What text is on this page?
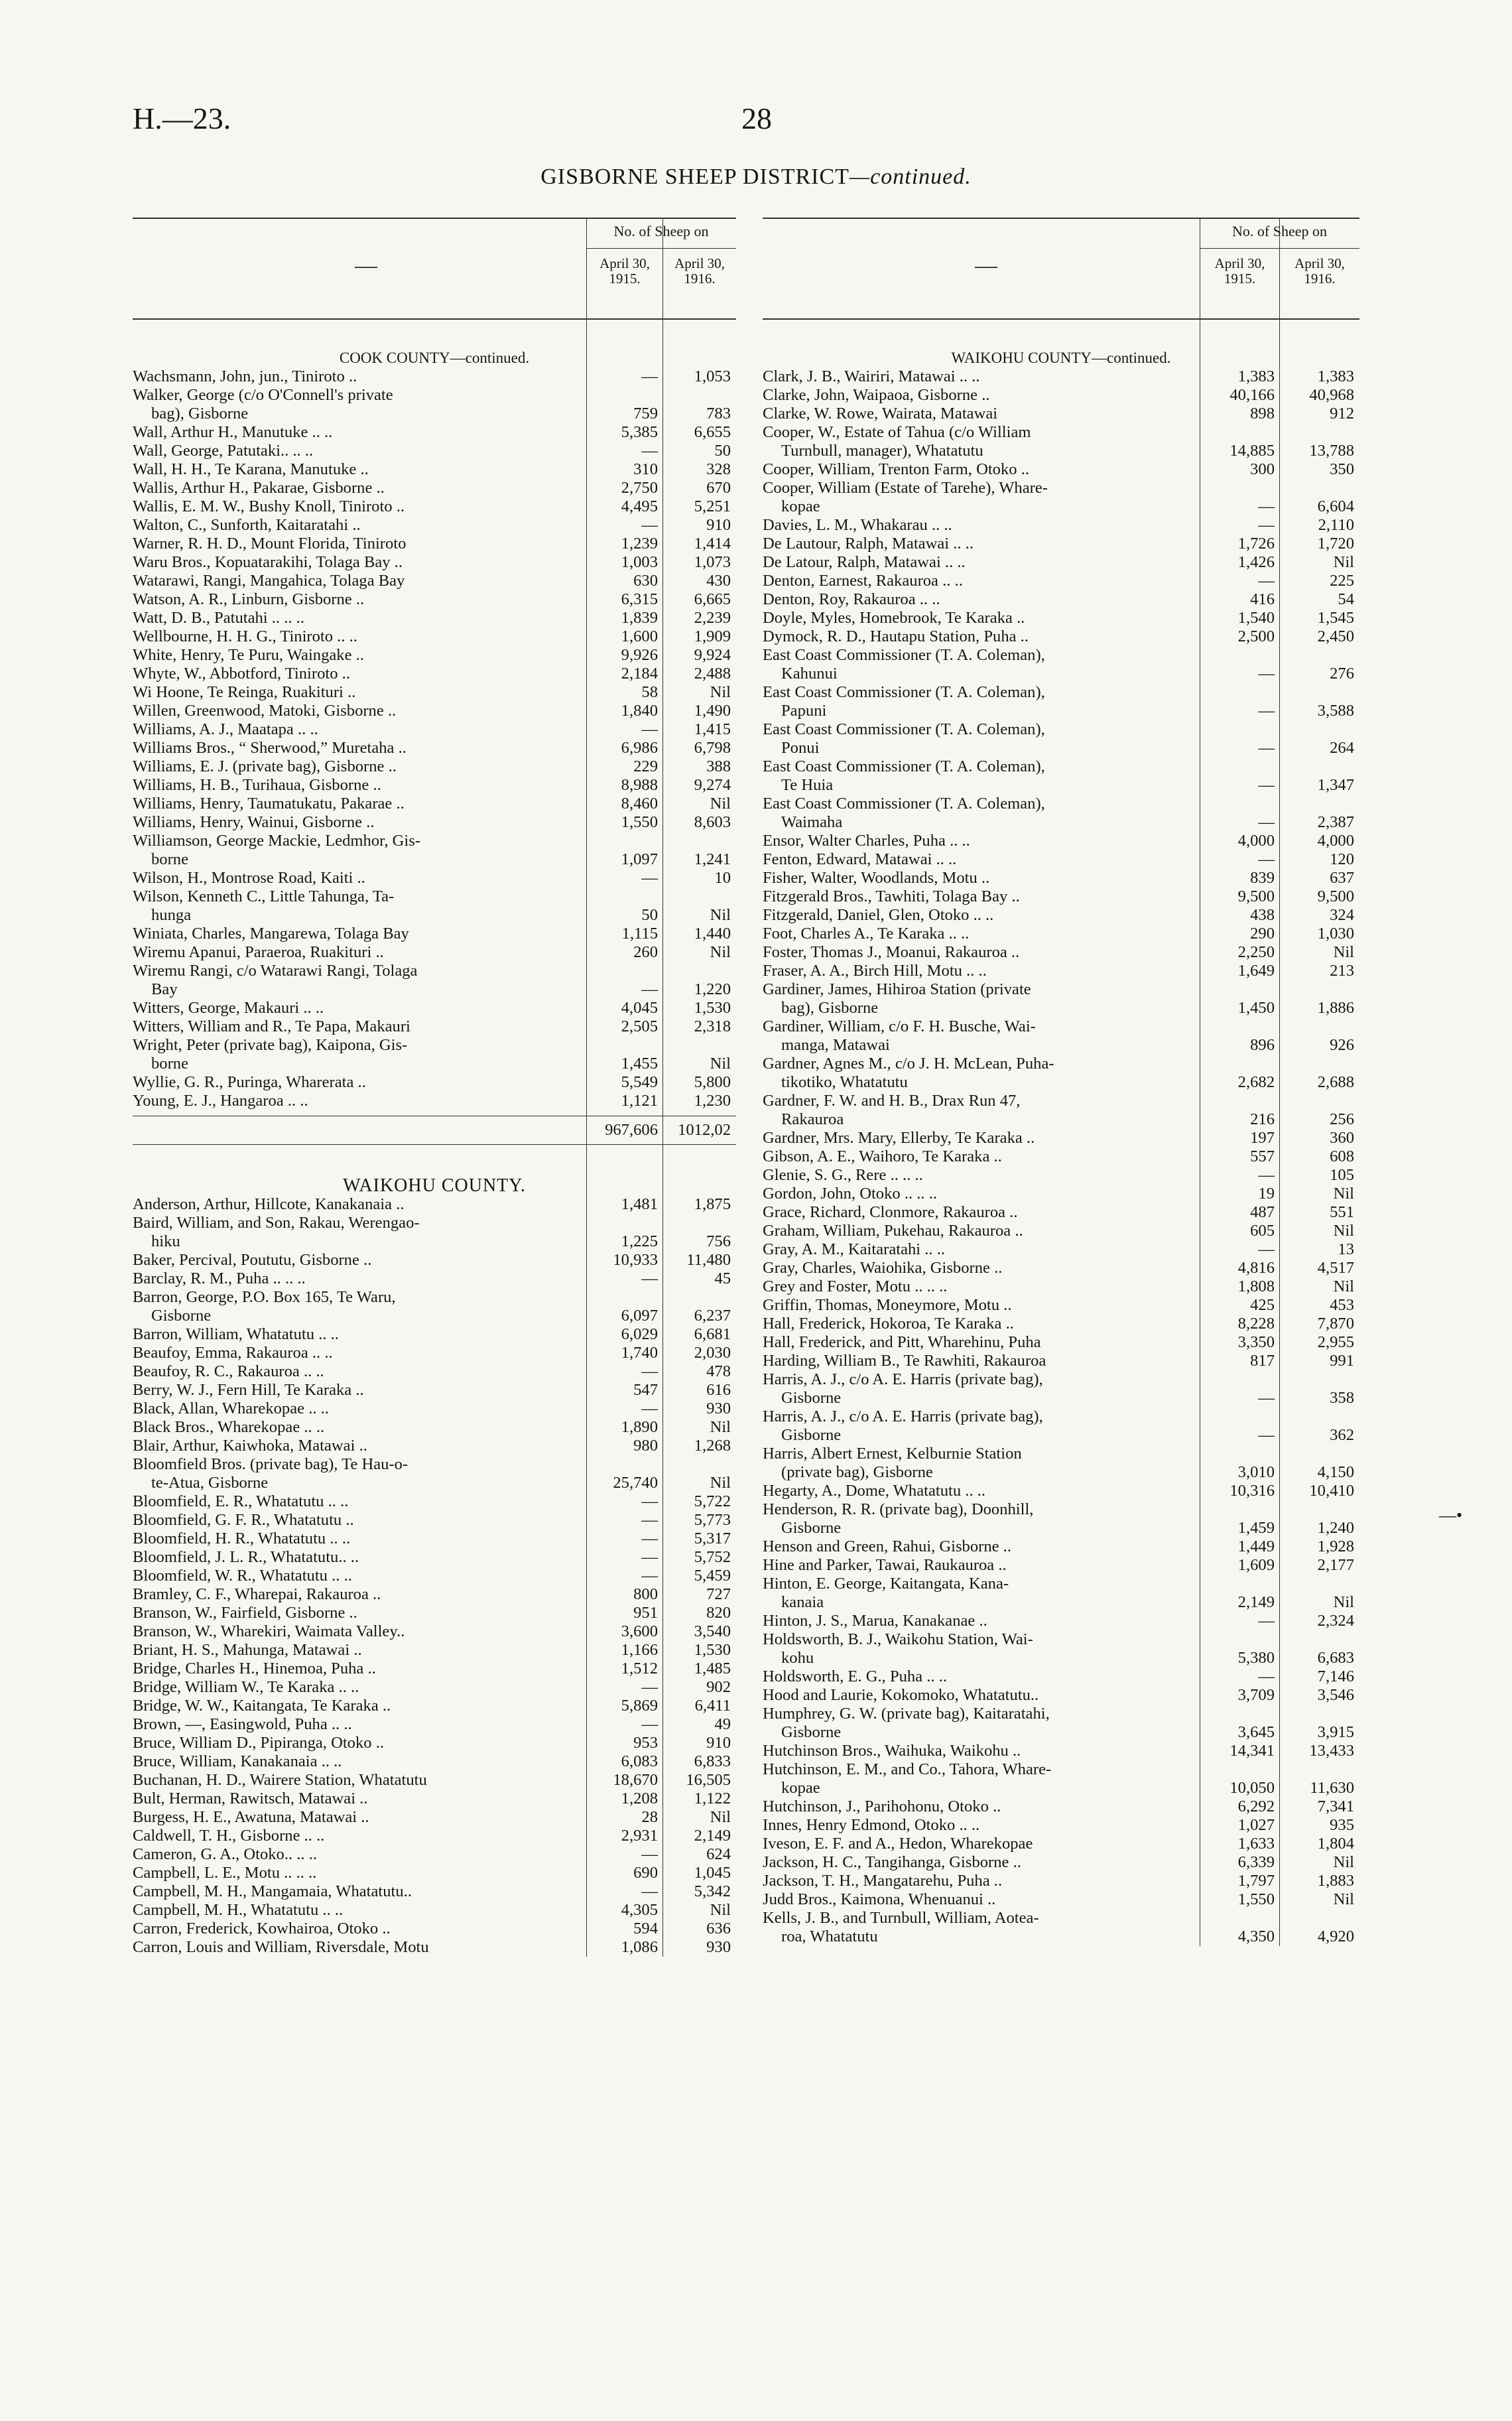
H.—23.	28
GISBORNE SHEEP DISTRICT—continued.
—
No. of Sheep on
April 30, 1915.
April 30, 1916.
COOK COUNTY—continued.
Wachsmann, John, jun., Tiniroto ..	—	1,053
Walker, George (c/o O'Connell's private
bag), Gisborne	759	783
Wall, Arthur H., Manutuke .. ..	5,385	6,655
Wall, George, Patutaki.. .. ..	—	50
Wall, H. H., Te Karana, Manutuke ..	310	328
Wallis, Arthur H., Pakarae, Gisborne ..	2,750	670
Wallis, E. M. W., Bushy Knoll, Tiniroto ..	4,495	5,251
Walton, C., Sunforth, Kaitaratahi ..	—	910
Warner, R. H. D., Mount Florida, Tiniroto	1,239	1,414
Waru Bros., Kopuatarakihi, Tolaga Bay ..	1,003	1,073
Watarawi, Rangi, Mangahica, Tolaga Bay	630	430
Watson, A. R., Linburn, Gisborne ..	6,315	6,665
Watt, D. B., Patutahi .. .. ..	1,839	2,239
Wellbourne, H. H. G., Tiniroto .. ..	1,600	1,909
White, Henry, Te Puru, Waingake ..	9,926	9,924
Whyte, W., Abbotford, Tiniroto ..	2,184	2,488
Wi Hoone, Te Reinga, Ruakituri ..	58	Nil
Willen, Greenwood, Matoki, Gisborne ..	1,840	1,490
Williams, A. J., Maatapa .. ..	—	1,415
Williams Bros., “ Sherwood,” Muretaha ..	6,986	6,798
Williams, E. J. (private bag), Gisborne ..	229	388
Williams, H. B., Turihaua, Gisborne ..	8,988	9,274
Williams, Henry, Taumatukatu, Pakarae ..	8,460	Nil
Williams, Henry, Wainui, Gisborne ..	1,550	8,603
Williamson, George Mackie, Ledmhor, Gis-
borne	1,097	1,241
Wilson, H., Montrose Road, Kaiti ..	—	10
Wilson, Kenneth C., Little Tahunga, Ta-
hunga	50	Nil
Winiata, Charles, Mangarewa, Tolaga Bay	1,115	1,440
Wiremu Apanui, Paraeroa, Ruakituri ..	260	Nil
Wiremu Rangi, c/o Watarawi Rangi, Tolaga
Bay	—	1,220
Witters, George, Makauri .. ..	4,045	1,530
Witters, William and R., Te Papa, Makauri	2,505	2,318
Wright, Peter (private bag), Kaipona, Gis-
borne	1,455	Nil
Wyllie, G. R., Puringa, Wharerata ..	5,549	5,800
Young, E. J., Hangaroa .. ..	1,121	1,230

967,606	1012,02
WAIKOHU COUNTY.
Anderson, Arthur, Hillcote, Kanakanaia ..	1,481	1,875
Baird, William, and Son, Rakau, Werengao-
hiku	1,225	756
Baker, Percival, Poututu, Gisborne ..	10,933	11,480
Barclay, R. M., Puha .. .. ..	—	45
Barron, George, P.O. Box 165, Te Waru,
Gisborne	6,097	6,237
Barron, William, Whatatutu .. ..	6,029	6,681
Beaufoy, Emma, Rakauroa .. ..	1,740	2,030
Beaufoy, R. C., Rakauroa .. ..	—	478
Berry, W. J., Fern Hill, Te Karaka ..	547	616
Black, Allan, Wharekopae .. ..	—	930
Black Bros., Wharekopae .. ..	1,890	Nil
Blair, Arthur, Kaiwhoka, Matawai ..	980	1,268
Bloomfield Bros. (private bag), Te Hau-o-
te-Atua, Gisborne	25,740	Nil
Bloomfield, E. R., Whatatutu .. ..	—	5,722
Bloomfield, G. F. R., Whatatutu ..	—	5,773
Bloomfield, H. R., Whatatutu .. ..	—	5,317
Bloomfield, J. L. R., Whatatutu.. ..	—	5,752
Bloomfield, W. R., Whatatutu .. ..	—	5,459
Bramley, C. F., Wharepai, Rakauroa ..	800	727
Branson, W., Fairfield, Gisborne ..	951	820
Branson, W., Wharekiri, Waimata Valley..	3,600	3,540
Briant, H. S., Mahunga, Matawai ..	1,166	1,530
Bridge, Charles H., Hinemoa, Puha ..	1,512	1,485
Bridge, William W., Te Karaka .. ..	—	902
Bridge, W. W., Kaitangata, Te Karaka ..	5,869	6,411
Brown, —, Easingwold, Puha .. ..	—	49
Bruce, William D., Pipiranga, Otoko ..	953	910
Bruce, William, Kanakanaia .. ..	6,083	6,833
Buchanan, H. D., Wairere Station, Whatatutu	18,670	16,505
Bult, Herman, Rawitsch, Matawai ..	1,208	1,122
Burgess, H. E., Awatuna, Matawai ..	28	Nil
Caldwell, T. H., Gisborne .. ..	2,931	2,149
Cameron, G. A., Otoko.. .. ..	—	624
Campbell, L. E., Motu .. .. ..	690	1,045
Campbell, M. H., Mangamaia, Whatatutu..	—	5,342
Campbell, M. H., Whatatutu .. ..	4,305	Nil
Carron, Frederick, Kowhairoa, Otoko ..	594	636
Carron, Louis and William, Riversdale, Motu	1,086	930
—
No. of Sheep on
April 30, 1915.
April 30, 1916.
WAIKOHU COUNTY—continued.
Clark, J. B., Wairiri, Matawai .. ..	1,383	1,383
Clarke, John, Waipaoa, Gisborne ..	40,166	40,968
Clarke, W. Rowe, Wairata, Matawai	898	912
Cooper, W., Estate of Tahua (c/o William
Turnbull, manager), Whatatutu	14,885	13,788
Cooper, William, Trenton Farm, Otoko ..	300	350
Cooper, William (Estate of Tarehe), Whare-
kopae	—	6,604
Davies, L. M., Whakarau .. ..	—	2,110
De Lautour, Ralph, Matawai .. ..	1,726	1,720
De Latour, Ralph, Matawai .. ..	1,426	Nil
Denton, Earnest, Rakauroa .. ..	—	225
Denton, Roy, Rakauroa .. ..	416	54
Doyle, Myles, Homebrook, Te Karaka ..	1,540	1,545
Dymock, R. D., Hautapu Station, Puha ..	2,500	2,450
East Coast Commissioner (T. A. Coleman),
Kahunui	—	276
East Coast Commissioner (T. A. Coleman),
Papuni	—	3,588
East Coast Commissioner (T. A. Coleman),
Ponui	—	264
East Coast Commissioner (T. A. Coleman),
Te Huia	—	1,347
East Coast Commissioner (T. A. Coleman),
Waimaha	—	2,387
Ensor, Walter Charles, Puha .. ..	4,000	4,000
Fenton, Edward, Matawai .. ..	—	120
Fisher, Walter, Woodlands, Motu ..	839	637
Fitzgerald Bros., Tawhiti, Tolaga Bay ..	9,500	9,500
Fitzgerald, Daniel, Glen, Otoko .. ..	438	324
Foot, Charles A., Te Karaka .. ..	290	1,030
Foster, Thomas J., Moanui, Rakauroa ..	2,250	Nil
Fraser, A. A., Birch Hill, Motu .. ..	1,649	213
Gardiner, James, Hihiroa Station (private
bag), Gisborne	1,450	1,886
Gardiner, William, c/o F. H. Busche, Wai-
manga, Matawai	896	926
Gardner, Agnes M., c/o J. H. McLean, Puha-
tikotiko, Whatatutu	2,682	2,688
Gardner, F. W. and H. B., Drax Run 47,
Rakauroa	216	256
Gardner, Mrs. Mary, Ellerby, Te Karaka ..	197	360
Gibson, A. E., Waihoro, Te Karaka ..	557	608
Glenie, S. G., Rere .. .. ..	—	105
Gordon, John, Otoko .. .. ..	19	Nil
Grace, Richard, Clonmore, Rakauroa ..	487	551
Graham, William, Pukehau, Rakauroa ..	605	Nil
Gray, A. M., Kaitaratahi .. ..	—	13
Gray, Charles, Waiohika, Gisborne ..	4,816	4,517
Grey and Foster, Motu .. .. ..	1,808	Nil
Griffin, Thomas, Moneymore, Motu ..	425	453
Hall, Frederick, Hokoroa, Te Karaka ..	8,228	7,870
Hall, Frederick, and Pitt, Wharehinu, Puha	3,350	2,955
Harding, William B., Te Rawhiti, Rakauroa	817	991
Harris, A. J., c/o A. E. Harris (private bag),
Gisborne	—	358
Harris, A. J., c/o A. E. Harris (private bag),
Gisborne	—	362
Harris, Albert Ernest, Kelburnie Station
(private bag), Gisborne	3,010	4,150
Hegarty, A., Dome, Whatatutu .. ..	10,316	10,410
Henderson, R. R. (private bag), Doonhill,
Gisborne	1,459	1,240
Henson and Green, Rahui, Gisborne ..	1,449	1,928
Hine and Parker, Tawai, Raukauroa ..	1,609	2,177
Hinton, E. George, Kaitangata, Kana-
kanaia	2,149	Nil
Hinton, J. S., Marua, Kanakanae ..	—	2,324
Holdsworth, B. J., Waikohu Station, Wai-
kohu	5,380	6,683
Holdsworth, E. G., Puha .. ..	—	7,146
Hood and Laurie, Kokomoko, Whatatutu..	3,709	3,546
Humphrey, G. W. (private bag), Kaitaratahi,
Gisborne	3,645	3,915
Hutchinson Bros., Waihuka, Waikohu ..	14,341	13,433
Hutchinson, E. M., and Co., Tahora, Whare-
kopae	10,050	11,630
Hutchinson, J., Parihohonu, Otoko ..	6,292	7,341
Innes, Henry Edmond, Otoko .. ..	1,027	935
Iveson, E. F. and A., Hedon, Wharekopae	1,633	1,804
Jackson, H. C., Tangihanga, Gisborne ..	6,339	Nil
Jackson, T. H., Mangatarehu, Puha ..	1,797	1,883
Judd Bros., Kaimona, Whenuanui ..	1,550	Nil
Kells, J. B., and Turnbull, William, Aotea-
roa, Whatatutu	4,350	4,920
—•
